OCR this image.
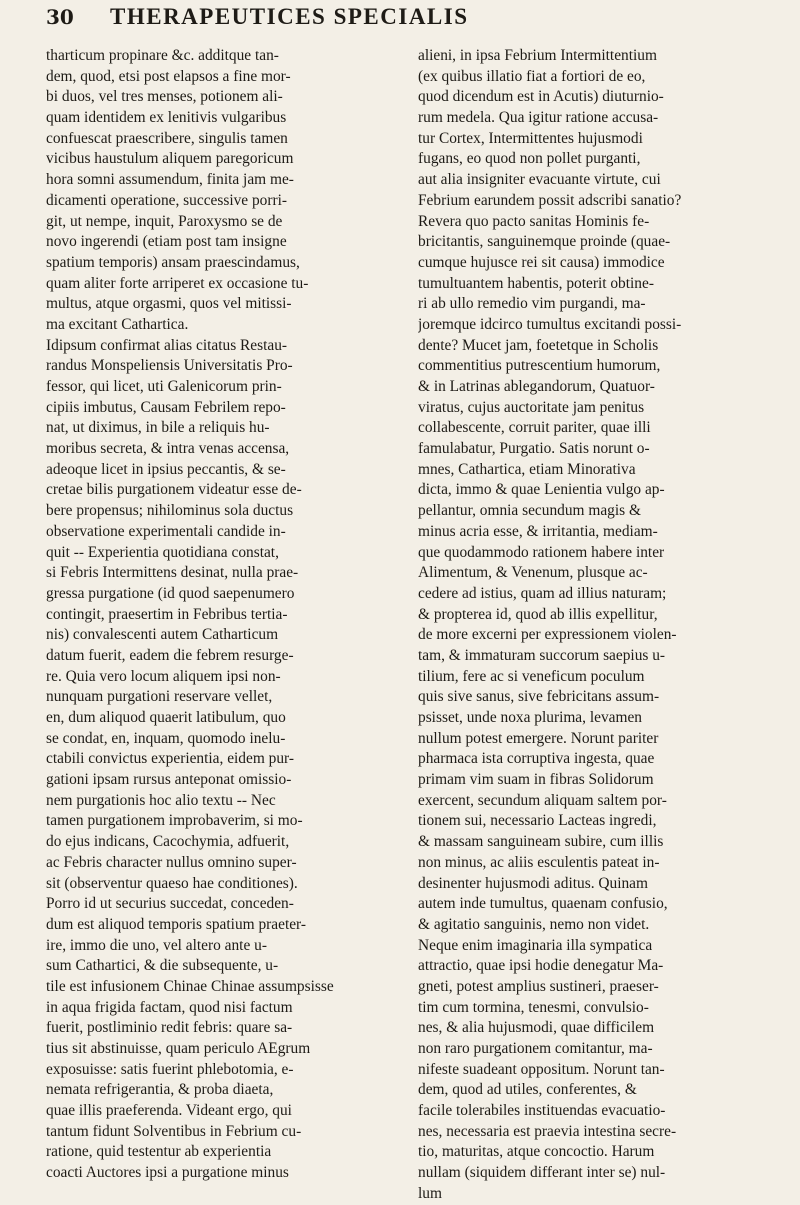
30	THERAPEUTICES SPECIALIS
tharticum propinare &c. additque tan-
dem, quod, etsi post elapsos a fine mor-
bi duos, vel tres menses, potionem ali-
quam identidem ex lenitivis vulgaribus
confuescat praescribere, singulis tamen
vicibus haustulum aliquem paregoricum
hora somni assumendum, finita jam me-
dicamenti operatione, successive porri-
git, ut nempe, inquit, Paroxysmo se de
novo ingerendi (etiam post tam insigne
spatium temporis) ansam praescindamus,
quam aliter forte arriperet ex occasione tu-
multus, atque orgasmi, quos vel mitissi-
ma excitant Cathartica.
Idipsum confirmat alias citatus Restau-
randus Monspeliensis Universitatis Pro-
fessor, qui licet, uti Galenicorum prin-
cipiis imbutus, Causam Febrilem repo-
nat, ut diximus, in bile a reliquis hu-
moribus secreta, & intra venas accensa,
adeoque licet in ipsius peccantis, & se-
cretae bilis purgationem videatur esse de-
bere propensus; nihilominus sola ductus
observatione experimentali candide in-
quit -- Experientia quotidiana constat,
si Febris Intermittens desinat, nulla prae-
gressa purgatione (id quod saepenumero
contingit, praesertim in Febribus tertia-
nis) convalescenti autem Catharticum
datum fuerit, eadem die febrem resurge-
re. Quia vero locum aliquem ipsi non-
nunquam purgationi reservare vellet,
en, dum aliquod quaerit latibulum, quo
se condat, en, inquam, quomodo inelu-
ctabili convictus experientia, eidem pur-
gationi ipsam rursus anteponat omissio-
nem purgationis hoc alio textu -- Nec
tamen purgationem improbaverim, si mo-
do ejus indicans, Cacochymia, adfuerit,
ac Febris character nullus omnino super-
sit (observentur quaeso hae conditiones).
Porro id ut securius succedat, conceden-
dum est aliquod temporis spatium praeter-
ire, immo die uno, vel altero ante u-
sum Cathartici, & die subsequente, u-
tile est infusionem Chinae Chinae assumpsisse
in aqua frigida factam, quod nisi factum
fuerit, postliminio redit febris: quare sa-
tius sit abstinuisse, quam periculo AEgrum
exposuisse: satis fuerint phlebotomia, e-
nemata refrigerantia, & proba diaeta,
quae illis praeferenda. Videant ergo, qui
tantum fidunt Solventibus in Febrium cu-
ratione, quid testentur ab experientia
coacti Auctores ipsi a purgatione minus
alieni, in ipsa Febrium Intermittentium
(ex quibus illatio fiat a fortiori de eo,
quod dicendum est in Acutis) diuturnio-
rum medela. Qua igitur ratione accusa-
tur Cortex, Intermittentes hujusmodi
fugans, eo quod non pollet purganti,
aut alia insigniter evacuante virtute, cui
Febrium earundem possit adscribi sanatio?
Revera quo pacto sanitas Hominis fe-
bricitantis, sanguinemque proinde (quae-
cumque hujusce rei sit causa) immodice
tumultuantem habentis, poterit obtine-
ri ab ullo remedio vim purgandi, ma-
joremque idcirco tumultus excitandi possi-
dente? Mucet jam, foetetque in Scholis
commentitius putrescentium humorum,
& in Latrinas ablegandorum, Quatuor-
viratus, cujus auctoritate jam penitus
collabescente, corruit pariter, quae illi
famulabatur, Purgatio. Satis norunt o-
mnes, Cathartica, etiam Minorativa
dicta, immo & quae Lenientia vulgo ap-
pellantur, omnia secundum magis &
minus acria esse, & irritantia, mediam-
que quodammodo rationem habere inter
Alimentum, & Venenum, plusque ac-
cedere ad istius, quam ad illius naturam;
& propterea id, quod ab illis expellitur,
de more excerni per expressionem violen-
tam, & immaturam succorum saepius u-
tilium, fere ac si veneficum poculum
quis sive sanus, sive febricitans assum-
psisset, unde noxa plurima, levamen
nullum potest emergere. Norunt pariter
pharmaca ista corruptiva ingesta, quae
primam vim suam in fibras Solidorum
exercent, secundum aliquam saltem por-
tionem sui, necessario Lacteas ingredi,
& massam sanguineam subire, cum illis
non minus, ac aliis esculentis pateat in-
desinenter hujusmodi aditus. Quinam
autem inde tumultus, quaenam confusio,
& agitatio sanguinis, nemo non videt.
Neque enim imaginaria illa sympatica
attractio, quae ipsi hodie denegatur Ma-
gneti, potest amplius sustineri, praeser-
tim cum tormina, tenesmi, convulsio-
nes, & alia hujusmodi, quae difficilem
non raro purgationem comitantur, ma-
nifeste suadeant oppositum. Norunt tan-
dem, quod ad utiles, conferentes, &
facile tolerabiles instituendas evacuatio-
nes, necessaria est praevia intestina secre-
tio, maturitas, atque concoctio. Harum
nullam (siquidem differant inter se) nul-
lum
